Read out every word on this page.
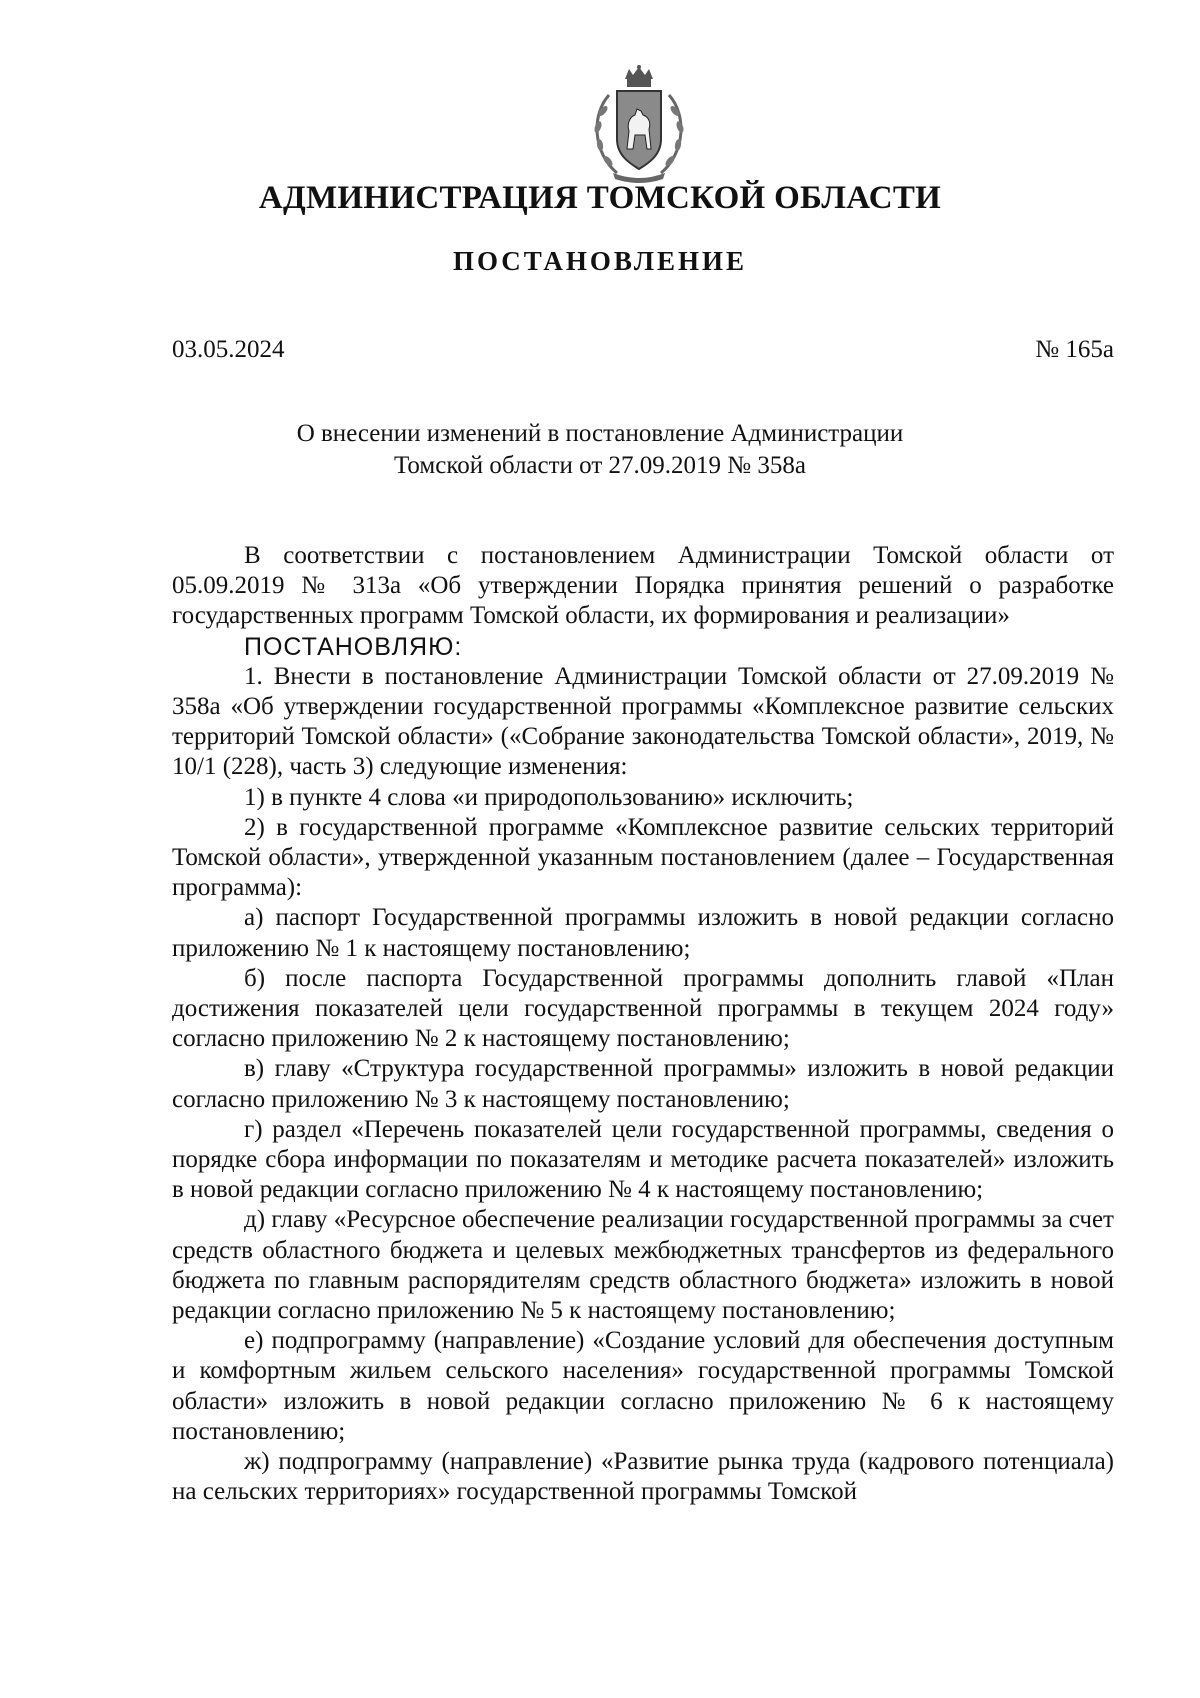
АДМИНИСТРАЦИЯ ТОМСКОЙ ОБЛАСТИ
ПОСТАНОВЛЕНИЕ
03.05.2024	№ 165а
О внесении изменений в постановление Администрации
Томской области от 27.09.2019 № 358а

В соответствии с постановлением Администрации Томской области от 05.09.2019 № 313а «Об утверждении Порядка принятия решений о разработке государственных программ Томской области, их формирования и реализации»

ПОСТАНОВЛЯЮ:

1. Внести в постановление Администрации Томской области от 27.09.2019 № 358а «Об утверждении государственной программы «Комплексное развитие сельских территорий Томской области» («Собрание законодательства Томской области», 2019, № 10/1 (228), часть 3) следующие изменения:

1) в пункте 4 слова «и природопользованию» исключить;

2) в государственной программе «Комплексное развитие сельских территорий Томской области», утвержденной указанным постановлением (далее – Государственная программа):

а) паспорт Государственной программы изложить в новой редакции согласно приложению № 1 к настоящему постановлению;

б) после паспорта Государственной программы дополнить главой «План достижения показателей цели государственной программы в текущем 2024 году» согласно приложению № 2 к настоящему постановлению;

в) главу «Структура государственной программы» изложить в новой редакции согласно приложению № 3 к настоящему постановлению;

г) раздел «Перечень показателей цели государственной программы, сведения о порядке сбора информации по показателям и методике расчета показателей» изложить в новой редакции согласно приложению № 4 к настоящему постановлению;

д) главу «Ресурсное обеспечение реализации государственной программы за счет средств областного бюджета и целевых межбюджетных трансфертов из федерального бюджета по главным распорядителям средств областного бюджета» изложить в новой редакции согласно приложению № 5 к настоящему постановлению;

е) подпрограмму (направление) «Создание условий для обеспечения доступным и комфортным жильем сельского населения» государственной программы Томской области» изложить в новой редакции согласно приложению № 6 к настоящему постановлению;

ж) подпрограмму (направление) «Развитие рынка труда (кадрового потенциала) на сельских территориях» государственной программы Томской
